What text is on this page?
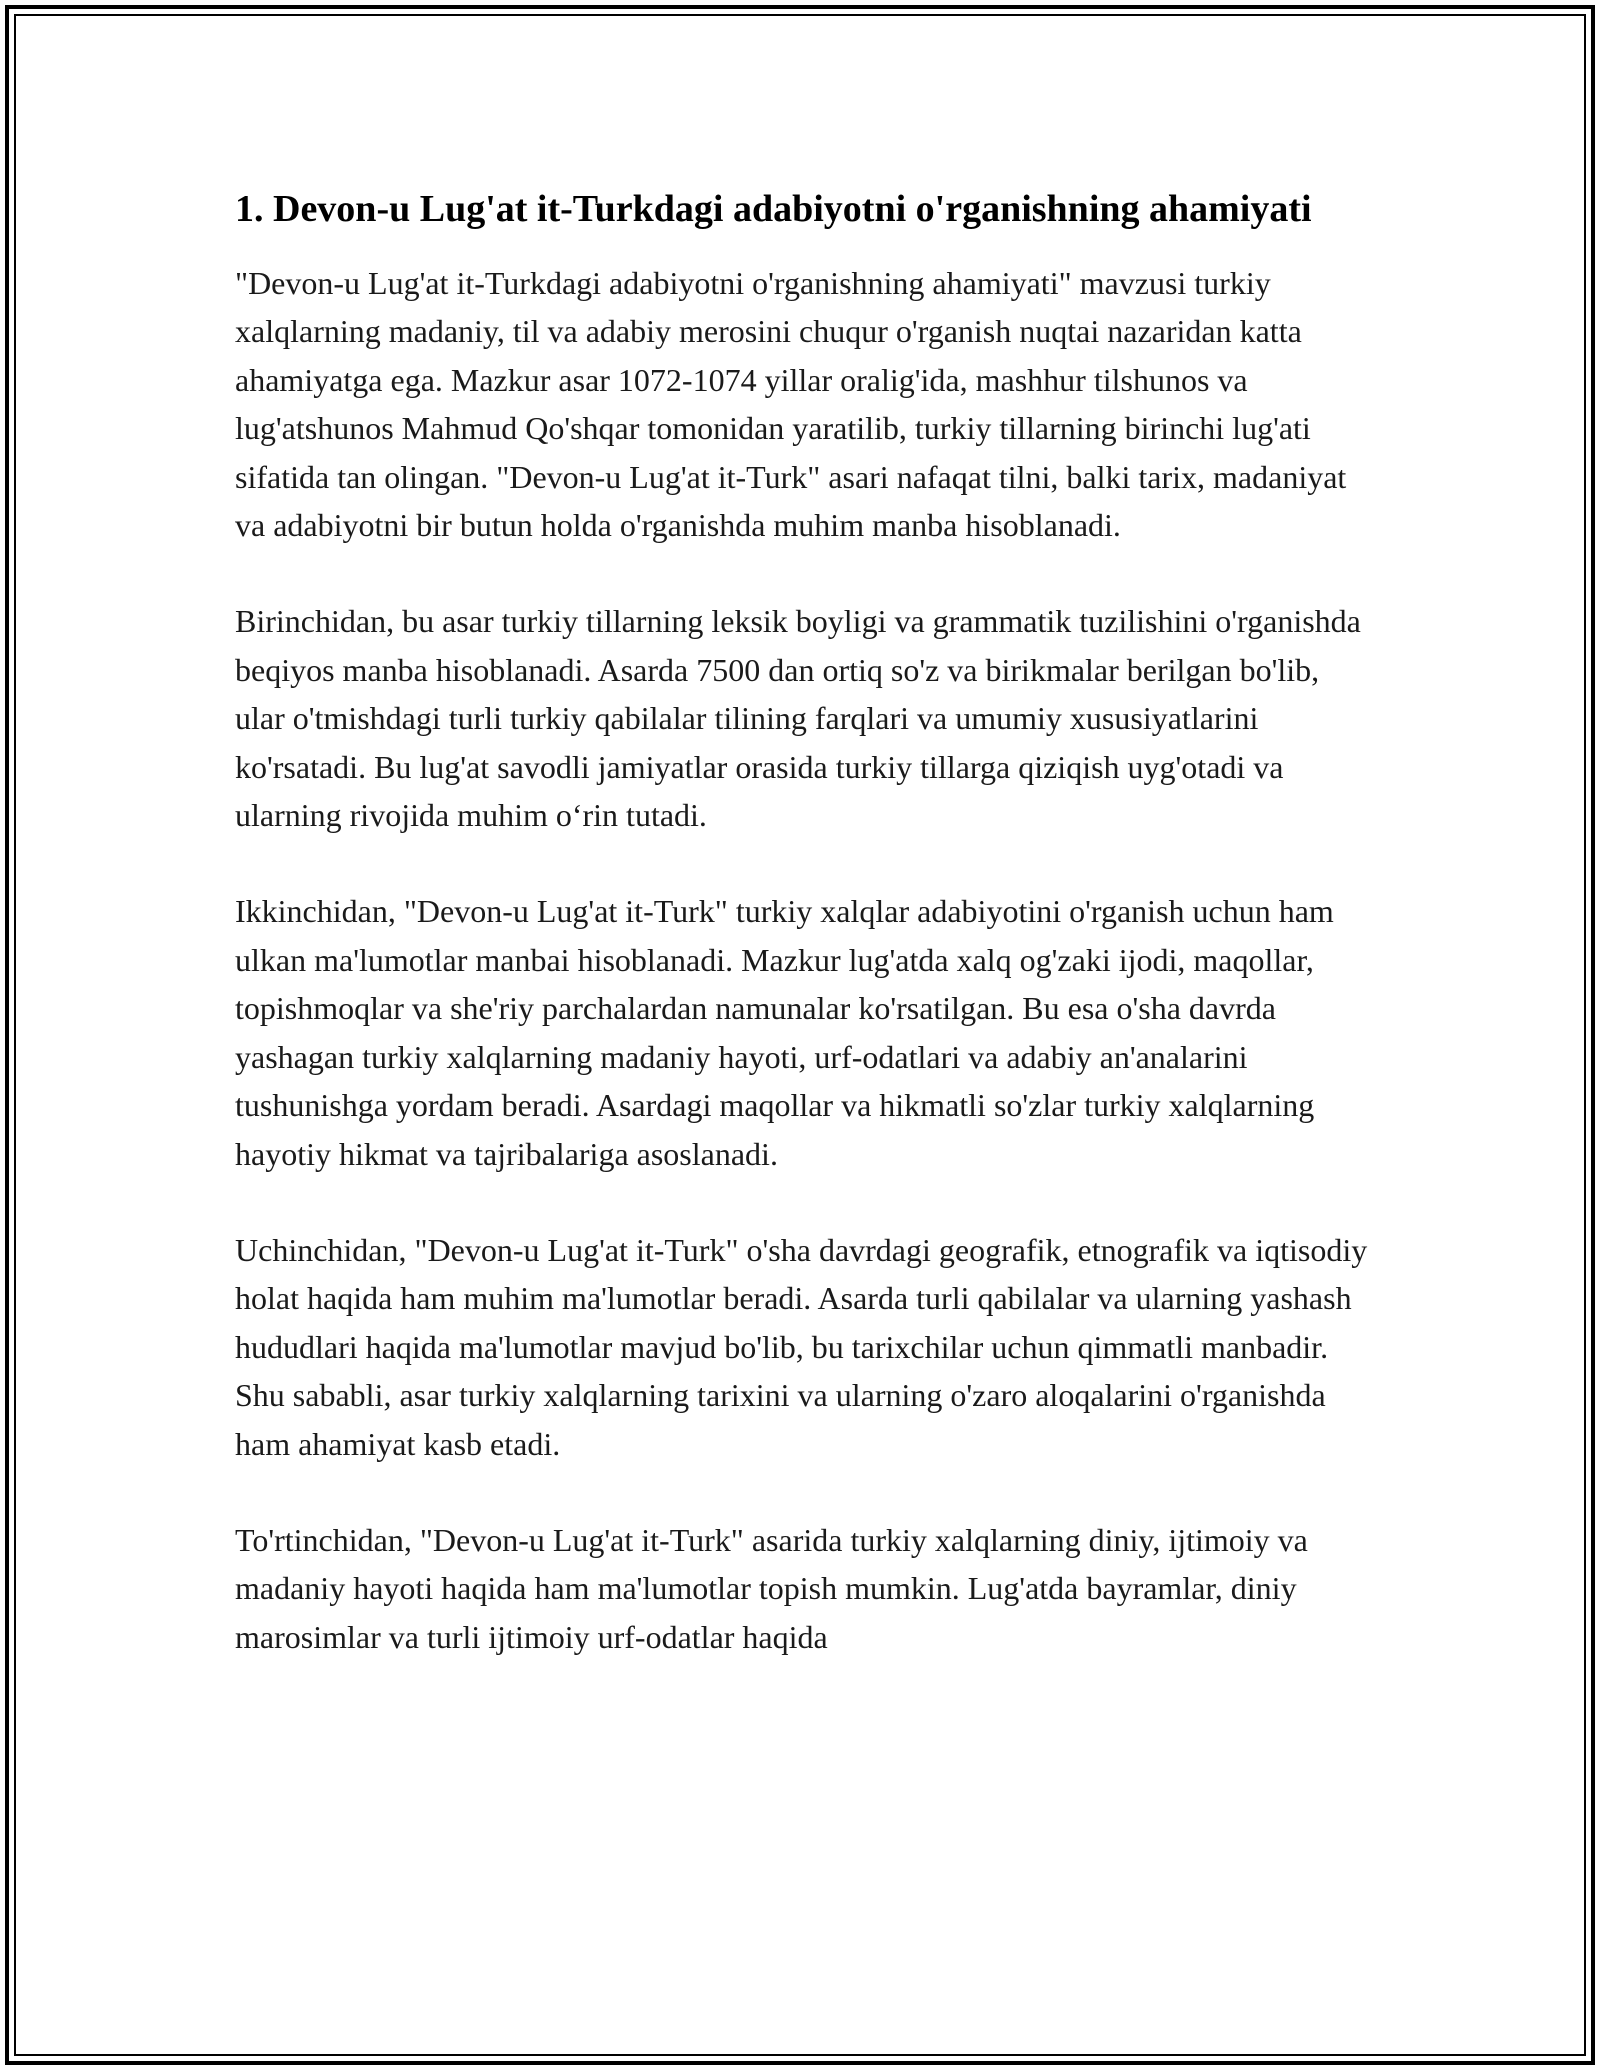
1. Devon-u Lug'at it-Turkdagi adabiyotni o'rganishning ahamiyati

"Devon-u Lug'at it-Turkdagi adabiyotni o'rganishning ahamiyati" mavzusi turkiy xalqlarning madaniy, til va adabiy merosini chuqur o'rganish nuqtai nazaridan katta ahamiyatga ega. Mazkur asar 1072-1074 yillar oralig'ida, mashhur tilshunos va lug'atshunos Mahmud Qo'shqar tomonidan yaratilib, turkiy tillarning birinchi lug'ati sifatida tan olingan. "Devon-u Lug'at it-Turk" asari nafaqat tilni, balki tarix, madaniyat va adabiyotni bir butun holda o'rganishda muhim manba hisoblanadi.

Birinchidan, bu asar turkiy tillarning leksik boyligi va grammatik tuzilishini o'rganishda beqiyos manba hisoblanadi. Asarda 7500 dan ortiq so'z va birikmalar berilgan bo'lib, ular o'tmishdagi turli turkiy qabilalar tilining farqlari va umumiy xususiyatlarini ko'rsatadi. Bu lug'at savodli jamiyatlar orasida turkiy tillarga qiziqish uyg'otadi va ularning rivojida muhim o‘rin tutadi.

Ikkinchidan, "Devon-u Lug'at it-Turk" turkiy xalqlar adabiyotini o'rganish uchun ham ulkan ma'lumotlar manbai hisoblanadi. Mazkur lug'atda xalq og'zaki ijodi, maqollar, topishmoqlar va she'riy parchalardan namunalar ko'rsatilgan. Bu esa o'sha davrda yashagan turkiy xalqlarning madaniy hayoti, urf-odatlari va adabiy an'analarini tushunishga yordam beradi. Asardagi maqollar va hikmatli so'zlar turkiy xalqlarning hayotiy hikmat va tajribalariga asoslanadi.

Uchinchidan, "Devon-u Lug'at it-Turk" o'sha davrdagi geografik, etnografik va iqtisodiy holat haqida ham muhim ma'lumotlar beradi. Asarda turli qabilalar va ularning yashash hududlari haqida ma'lumotlar mavjud bo'lib, bu tarixchilar uchun qimmatli manbadir. Shu sababli, asar turkiy xalqlarning tarixini va ularning o'zaro aloqalarini o'rganishda ham ahamiyat kasb etadi.

To'rtinchidan, "Devon-u Lug'at it-Turk" asarida turkiy xalqlarning diniy, ijtimoiy va madaniy hayoti haqida ham ma'lumotlar topish mumkin. Lug'atda bayramlar, diniy marosimlar va turli ijtimoiy urf-odatlar haqida
